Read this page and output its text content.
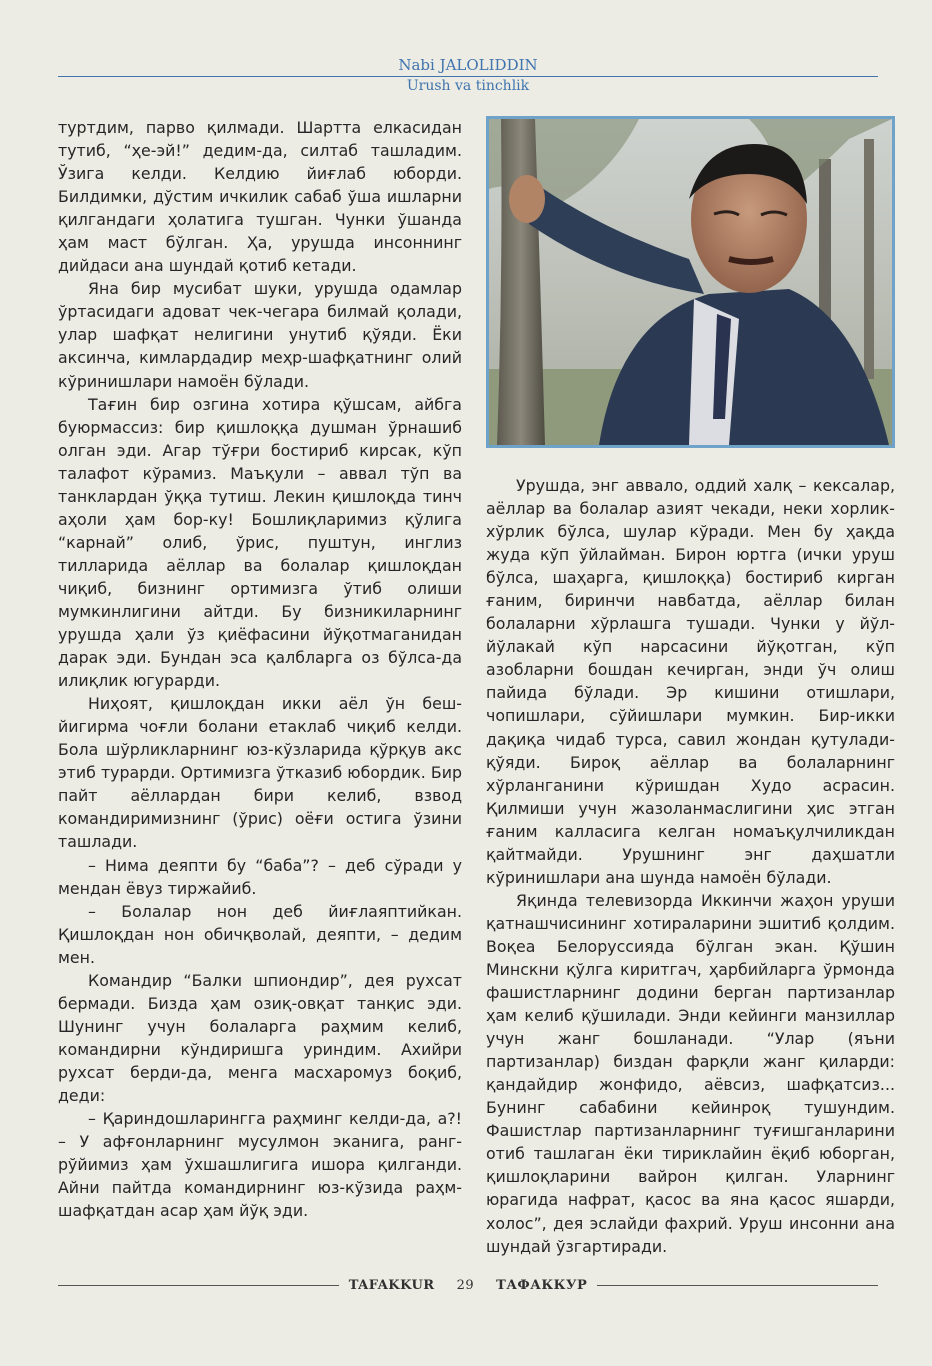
Nabi JALOLIDDIN
Urush va tinchlik

туртдим, парво қилмади. Шартта елкасидан тутиб, “ҳе-эй!” дедим-да, силтаб ташладим. Ўзига келди. Келдию йиғлаб юборди. Билдимки, дўстим ичкилик сабаб ўша ишларни қилгандаги ҳолатига тушган. Чунки ўшанда ҳам маст бўлган. Ҳа, урушда инсоннинг дийдаси ана шундай қотиб кетади.

Яна бир мусибат шуки, урушда одамлар ўртасидаги адоват чек-чегара билмай қолади, улар шафқат нелигини унутиб қўяди. Ёки аксинча, кимлардадир меҳр-шафқатнинг олий кўринишлари намоён бўлади.

Тағин бир озгина хотира қўшсам, айбга буюрмассиз: бир қишлоққа душман ўрнашиб олган эди. Агар тўғри бостириб кирсак, кўп талафот кўрамиз. Маъқули – аввал тўп ва танклардан ўққа тутиш. Лекин қишлоқда тинч аҳоли ҳам бор-ку! Бошлиқларимиз қўлига “карнай” олиб, ўрис, пуштун, инглиз тилларида аёллар ва болалар қишлоқдан чиқиб, бизнинг ортимизга ўтиб олиши мумкинлигини айтди. Бу бизникиларнинг урушда ҳали ўз қиёфасини йўқотмаганидан дарак эди. Бундан эса қалбларга оз бўлса-да илиқлик югурарди.

Ниҳоят, қишлоқдан икки аёл ўн беш-йигирма чоғли болани етаклаб чиқиб келди. Бола шўрликларнинг юз-кўзларида қўрқув акс этиб турарди. Ортимизга ўтказиб юбордик. Бир пайт аёллардан бири келиб, взвод командиримизнинг (ўрис) оёғи остига ўзини ташлади.

– Нима деяпти бу “баба”? – деб сўради у мендан ёвуз тиржайиб.

– Болалар нон деб йиғлаяптийкан. Қишлоқдан нон обичқволай, деяпти, – дедим мен.

Командир “Балки шпиондир”, дея рухсат бермади. Бизда ҳам озиқ-овқат танқис эди. Шунинг учун болаларга раҳмим келиб, командирни кўндиришга уриндим. Ахийри рухсат берди-да, менга масхаромуз боқиб, деди:

– Қариндошларингга раҳминг келди-да, а?! – У афғонларнинг мусулмон эканига, ранг-рўйимиз ҳам ўхшашлигига ишора қилганди. Айни пайтда командирнинг юз-кўзида раҳм-шафқатдан асар ҳам йўқ эди.

Урушда, энг аввало, оддий халқ – кексалар, аёллар ва болалар азият чекади, неки хорлик-хўрлик бўлса, шулар кўради. Мен бу ҳақда жуда кўп ўйлайман. Бирон юртга (ички уруш бўлса, шаҳарга, қишлоққа) бостириб кирган ғаним, биринчи навбатда, аёллар билан болаларни хўрлашга тушади. Чунки у йўл-йўлакай кўп нарсасини йўқотган, кўп азобларни бошдан кечирган, энди ўч олиш пайида бўлади. Эр кишини отишлари, чопишлари, сўйишлари мумкин. Бир-икки дақиқа чидаб турса, савил жондан қутулади-қўяди. Бироқ аёллар ва болаларнинг хўрланганини кўришдан Худо асрасин. Қилмиши учун жазоланмаслигини ҳис этган ғаним калласига келган номаъқулчиликдан қайтмайди. Урушнинг энг даҳшатли кўринишлари ана шунда намоён бўлади.

Яқинда телевизорда Иккинчи жаҳон уруши қатнашчисининг хотираларини эшитиб қолдим. Воқеа Белоруссияда бўлган экан. Қўшин Минскни қўлга киритгач, ҳарбийларга ўрмонда фашистларнинг додини берган партизанлар ҳам келиб қўшилади. Энди кейинги манзиллар учун жанг бошланади. “Улар (яъни партизанлар) биздан фарқли жанг қиларди: қандайдир жонфидо, аёвсиз, шафқатсиз... Бунинг сабабини кейинроқ тушундим. Фашистлар партизанларнинг туғишганларини отиб ташлаган ёки тириклайин ёқиб юборган, қишлоқларини вайрон қилган. Уларнинг юрагида нафрат, қасос ва яна қасос яшарди, холос”, дея эслайди фахрий. Уруш инсонни ана шундай ўзгартиради.

TAFAKKUR	29	ТАФАККУР
